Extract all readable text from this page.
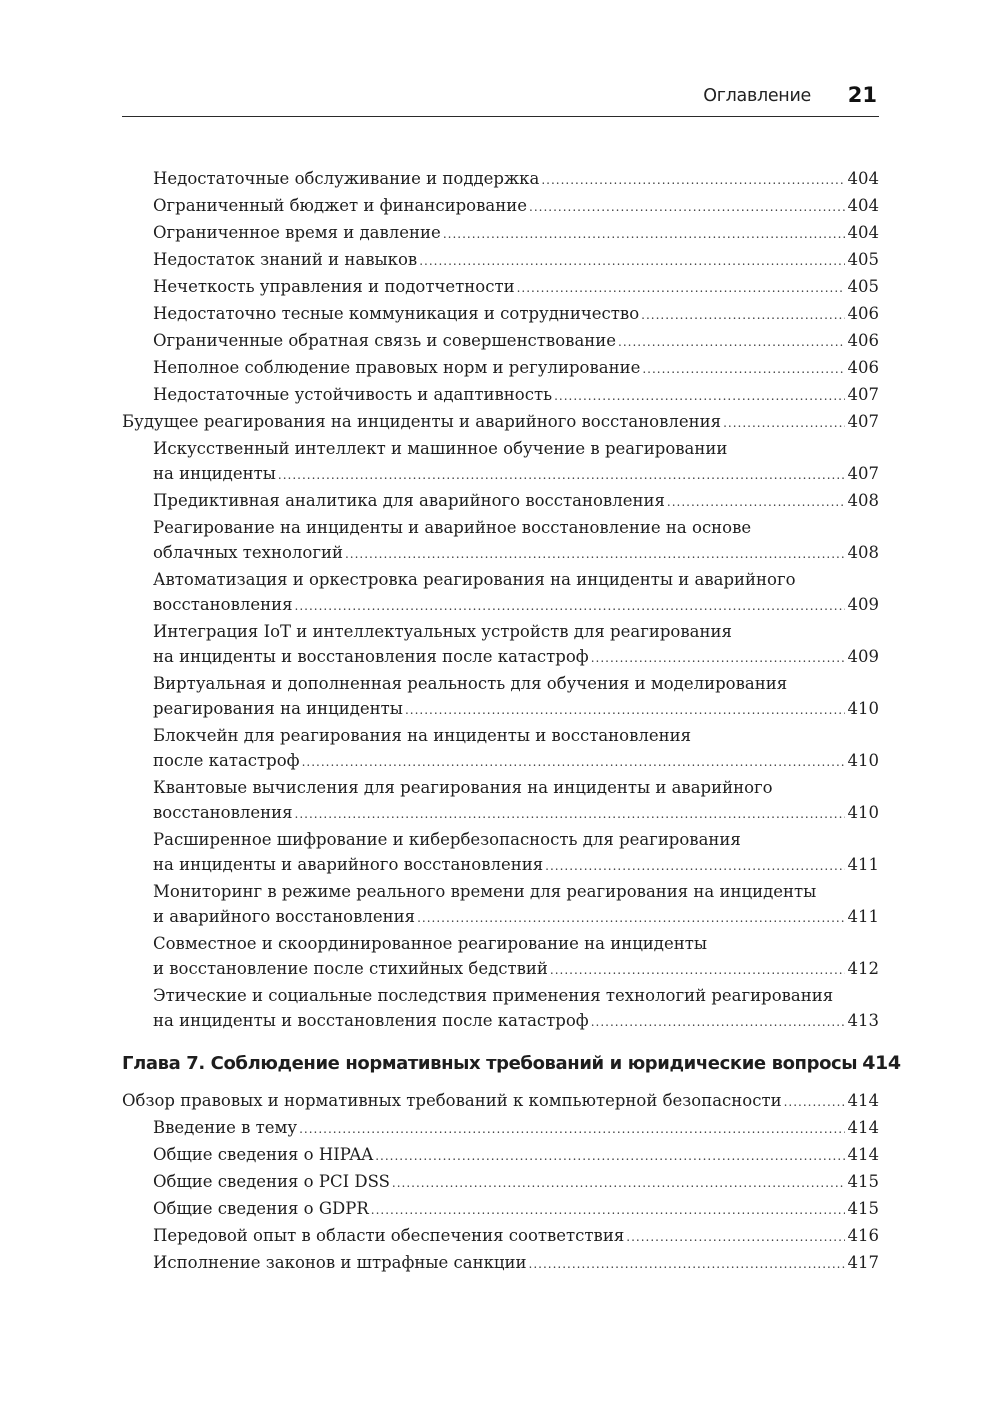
Оглавление 21
Недостаточные обслуживание и поддержка .....	404
Ограниченный бюджет и финансирование .....	404
Ограниченное время и давление .....	404
Недостаток знаний и навыков .....	405
Нечеткость управления и подотчетности .....	405
Недостаточно тесные коммуникация и сотрудничество .....	406
Ограниченные обратная связь и совершенствование .....	406
Неполное соблюдение правовых норм и регулирование .....	406
Недостаточные устойчивость и адаптивность .....	407
Будущее реагирования на инциденты и аварийного восстановления .....	407
Искусственный интеллект и машинное обучение в реагировании
на инциденты .....	407
Предиктивная аналитика для аварийного восстановления .....	408
Реагирование на инциденты и аварийное восстановление на основе
облачных технологий .....	408
Автоматизация и оркестровка реагирования на инциденты и аварийного
восстановления .....	409
Интеграция IoT и интеллектуальных устройств для реагирования
на инциденты и восстановления после катастроф .....	409
Виртуальная и дополненная реальность для обучения и моделирования
реагирования на инциденты .....	410
Блокчейн для реагирования на инциденты и восстановления
после катастроф .....	410
Квантовые вычисления для реагирования на инциденты и аварийного
восстановления .....	410
Расширенное шифрование и кибербезопасность для реагирования
на инциденты и аварийного восстановления .....	411
Мониторинг в режиме реального времени для реагирования на инциденты
и аварийного восстановления .....	411
Совместное и скоординированное реагирование на инциденты
и восстановление после стихийных бедствий .....	412
Этические и социальные последствия применения технологий реагирования
на инциденты и восстановления после катастроф .....	413
Глава 7. Соблюдение нормативных требований и юридические вопросы 414
Обзор правовых и нормативных требований к компьютерной безопасности .....	414
Введение в тему .....	414
Общие сведения о HIPAA .....	414
Общие сведения о PCI DSS .....	415
Общие сведения о GDPR .....	415
Передовой опыт в области обеспечения соответствия .....	416
Исполнение законов и штрафные санкции .....	417
